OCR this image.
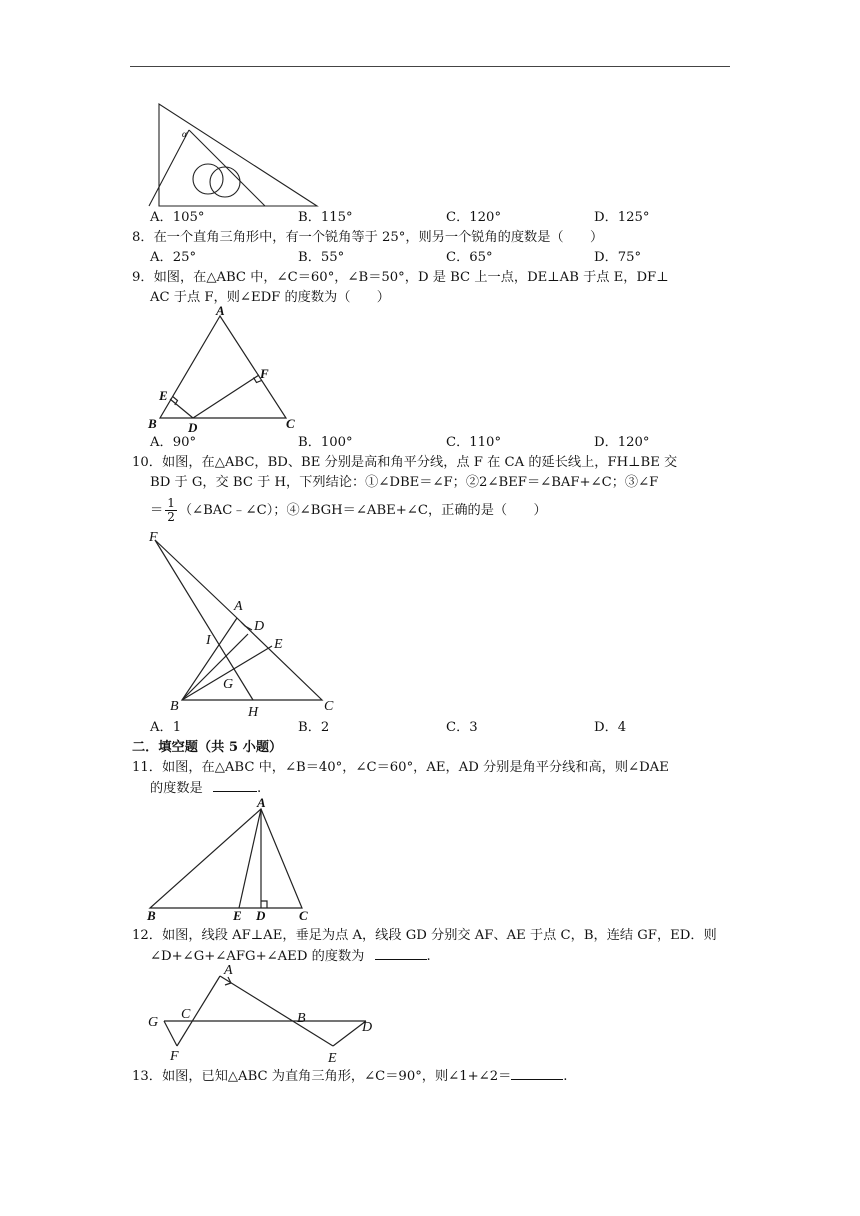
α
A．105°	B．115°	C．120°	D．125°
8．在一个直角三角形中，有一个锐角等于 25°，则另一个锐角的度数是（　　）
A．25°	B．55°	C．65°	D．75°
9．如图，在△ABC 中，∠C＝60°，∠B＝50°，D 是 BC 上一点，DE⊥AB 于点 E，DF⊥
AC 于点 F，则∠EDF 的度数为（　　）
A
B	C
D
E
F
A．90°	B．100°	C．110°	D．120°
10．如图，在△ABC，BD、BE 分别是高和角平分线，点 F 在 CA 的延长线上，FH⊥BE 交
BD 于 G，交 BC 于 H，下列结论：①∠DBE＝∠F；②2∠BEF＝∠BAF+∠C；③∠F
＝ $\frac{1}{2}$ （∠BAC﹣∠C）；④∠BGH＝∠ABE+∠C，正确的是（　　）
F
A
D
I	E
G
B	H	C
A．1	B．2	C．3	D．4
二．填空题（共 5 小题）
11．如图，在△ABC 中，∠B＝40°，∠C＝60°，AE，AD 分别是角平分线和高，则∠DAE
的度数是	.
A
B	E D	C
12．如图，线段 AF⊥AE，垂足为点 A，线段 GD 分别交 AF、AE 于点 C，B，连结 GF，ED．则
∠D+∠G+∠AFG+∠AED 的度数为	.
A
G
C	B
D
F	E
13．如图，已知△ABC 为直角三角形，∠C＝90°，则∠1+∠2＝	.
